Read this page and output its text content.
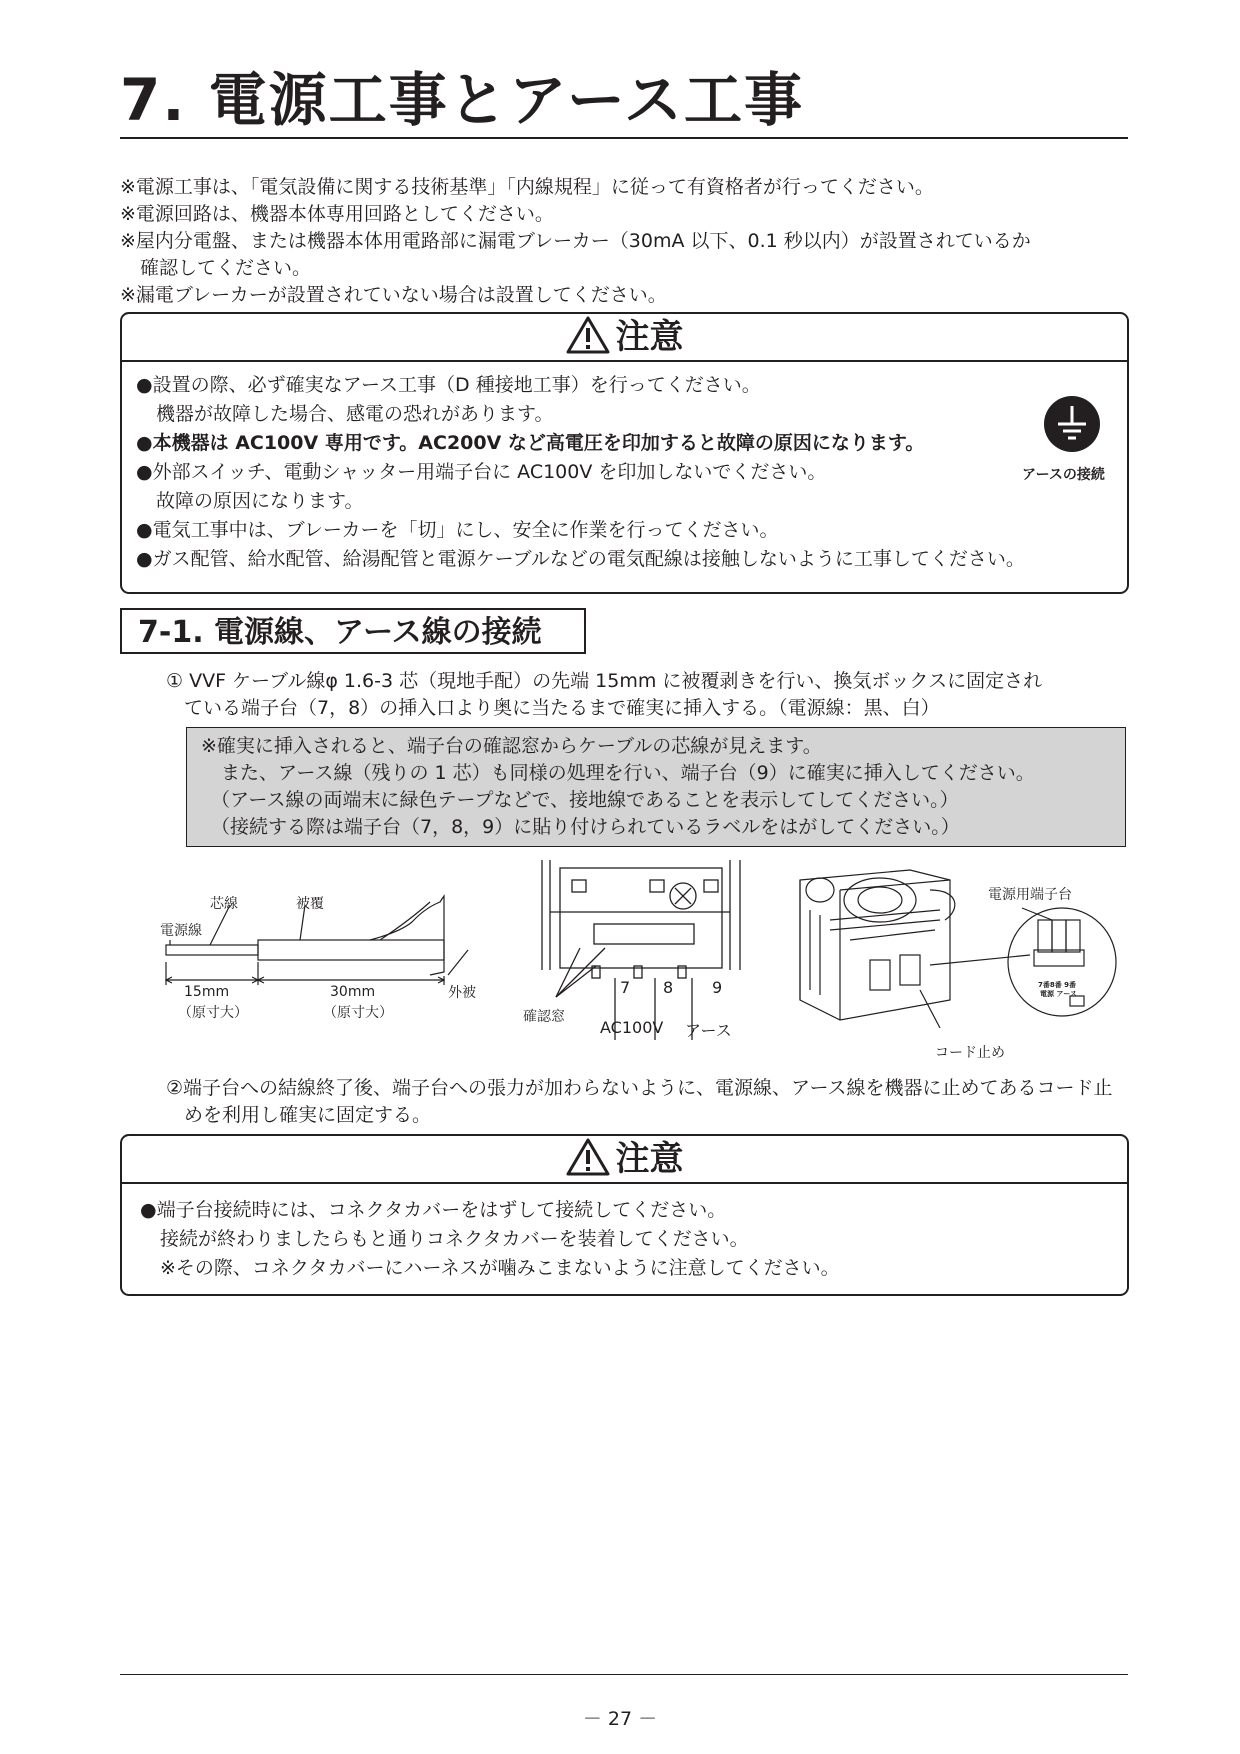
7. 電源工事とアース工事
※電源工事は、「電気設備に関する技術基準」「内線規程」に従って有資格者が行ってください。
※電源回路は、機器本体専用回路としてください。
※屋内分電盤、または機器本体用電路部に漏電ブレーカー（30mA 以下、0.1 秒以内）が設置されているか
確認してください。
※漏電ブレーカーが設置されていない場合は設置してください。
注意
●設置の際、必ず確実なアース工事（D 種接地工事）を行ってください。
機器が故障した場合、感電の恐れがあります。
●本機器は AC100V 専用です。AC200V など高電圧を印加すると故障の原因になります。
●外部スイッチ、電動シャッター用端子台に AC100V を印加しないでください。
故障の原因になります。
●電気工事中は、ブレーカーを「切」にし、安全に作業を行ってください。
●ガス配管、給水配管、給湯配管と電源ケーブルなどの電気配線は接触しないように工事してください。
アースの接続
7-1. 電源線、アース線の接続
① VVF ケーブル線φ 1.6-3 芯（現地手配）の先端 15mm に被覆剥きを行い、換気ボックスに固定され
ている端子台（7，8）の挿入口より奥に当たるまで確実に挿入する。（電源線：黒、白）
※確実に挿入されると、端子台の確認窓からケーブルの芯線が見えます。
また、アース線（残りの 1 芯）も同様の処理を行い、端子台（9）に確実に挿入してください。
（アース線の両端末に緑色テープなどで、接地線であることを表示してしてください。）
（接続する際は端子台（7，8，9）に貼り付けられているラベルをはがしてください。）
芯線	被覆
電源線
外被
15mm
（原寸大）
30mm
（原寸大）
7 8 9
確認窓
AC100V アース
電源用端子台
コード止め
7番8番 9番
電源 アース
②端子台への結線終了後、端子台への張力が加わらないように、電源線、アース線を機器に止めてあるコード止
めを利用し確実に固定する。
注意
●端子台接続時には、コネクタカバーをはずして接続してください。
接続が終わりましたらもと通りコネクタカバーを装着してください。
※その際、コネクタカバーにハーネスが噛みこまないように注意してください。
－ 27 －
